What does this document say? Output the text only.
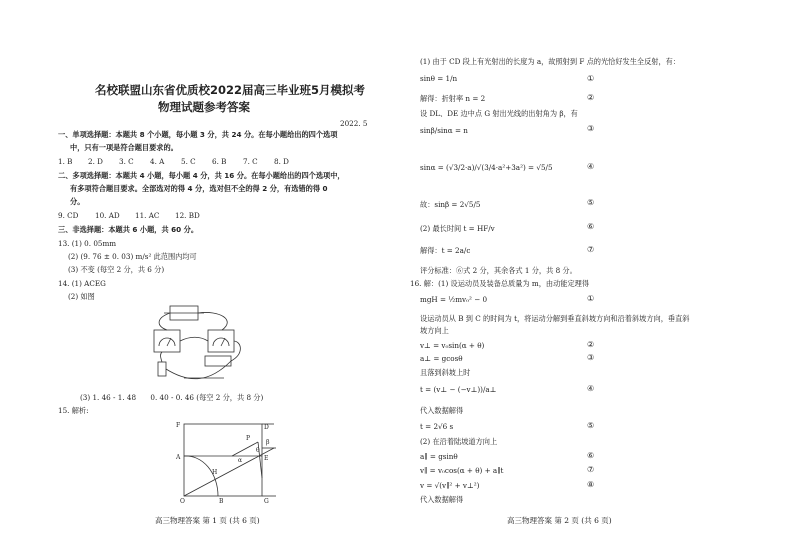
名校联盟山东省优质校2022届高三毕业班5月模拟考
物理试题参考答案
2022. 5
一、单项选择题：本题共 8 个小题，每小题 3 分，共 24 分。在每小题给出的四个选项
中，只有一项是符合题目要求的。
1. B 2. D 3. C 4. A 5. C 6. B 7. C 8. D
二、多项选择题：本题共 4 小题，每小题 4 分，共 16 分。在每小题给出的四个选项中，
有多项符合题目要求。全部选对的得 4 分，选对但不全的得 2 分，有选错的得 0
分。
9. CD 10. AD 11. AC 12. BD
三、非选择题：本题共 6 小题，共 60 分。
13. (1) 0. 05mm
(2) (9. 76 ± 0. 03) m/s² 此范围内均可
(3) 不变 (每空 2 分，共 6 分)
14. (1) ACEG
(2) 如图
(3) 1. 46 - 1. 48　　0. 40 - 0. 46 (每空 2 分，共 8 分)
15. 解析:
F	D
A	E
H
O	B	G
P
α
β
θ
高三物理答案 第 1 页 (共 6 页)
(1) 由于 CD 段上有光射出的长度为 a，故照射到 F 点的光恰好发生全反射，有：
sinθ = 1/n	①
解得：折射率 n = 2	②
设 DL、DE 边中点 G 射出光线的出射角为 β，有
sinβ/sinα = n	③
sinα = (√3/2·a)/√(3/4·a²+3a²) = √5/5	④
故：sinβ = 2√5/5	⑤
(2) 最长时间 t = HF/v	⑥
解得：t = 2a/c	⑦
评分标准：⑥式 2 分，其余各式 1 分，共 8 分。
16. 解：(1) 设运动员及装备总质量为 m，由动能定理得
mgH = ½mv₀² − 0	①
设运动员从 B 到 C 的时间为 t，将运动分解到垂直斜坡方向和沿着斜坡方向，垂直斜
坡方向上
v⊥ = v₀sin(α + θ)	②
a⊥ = gcosθ	③
且落到斜坡上时
t = (v⊥ − (−v⊥))/a⊥	④
代入数据解得
t = 2√6 s	⑤
(2) 在沿着陆坡道方向上
a∥ = gsinθ	⑥
v∥ = v₀cos(α + θ) + a∥t	⑦
v = √(v∥² + v⊥²)	⑧
代入数据解得
高三物理答案 第 2 页 (共 6 页)
